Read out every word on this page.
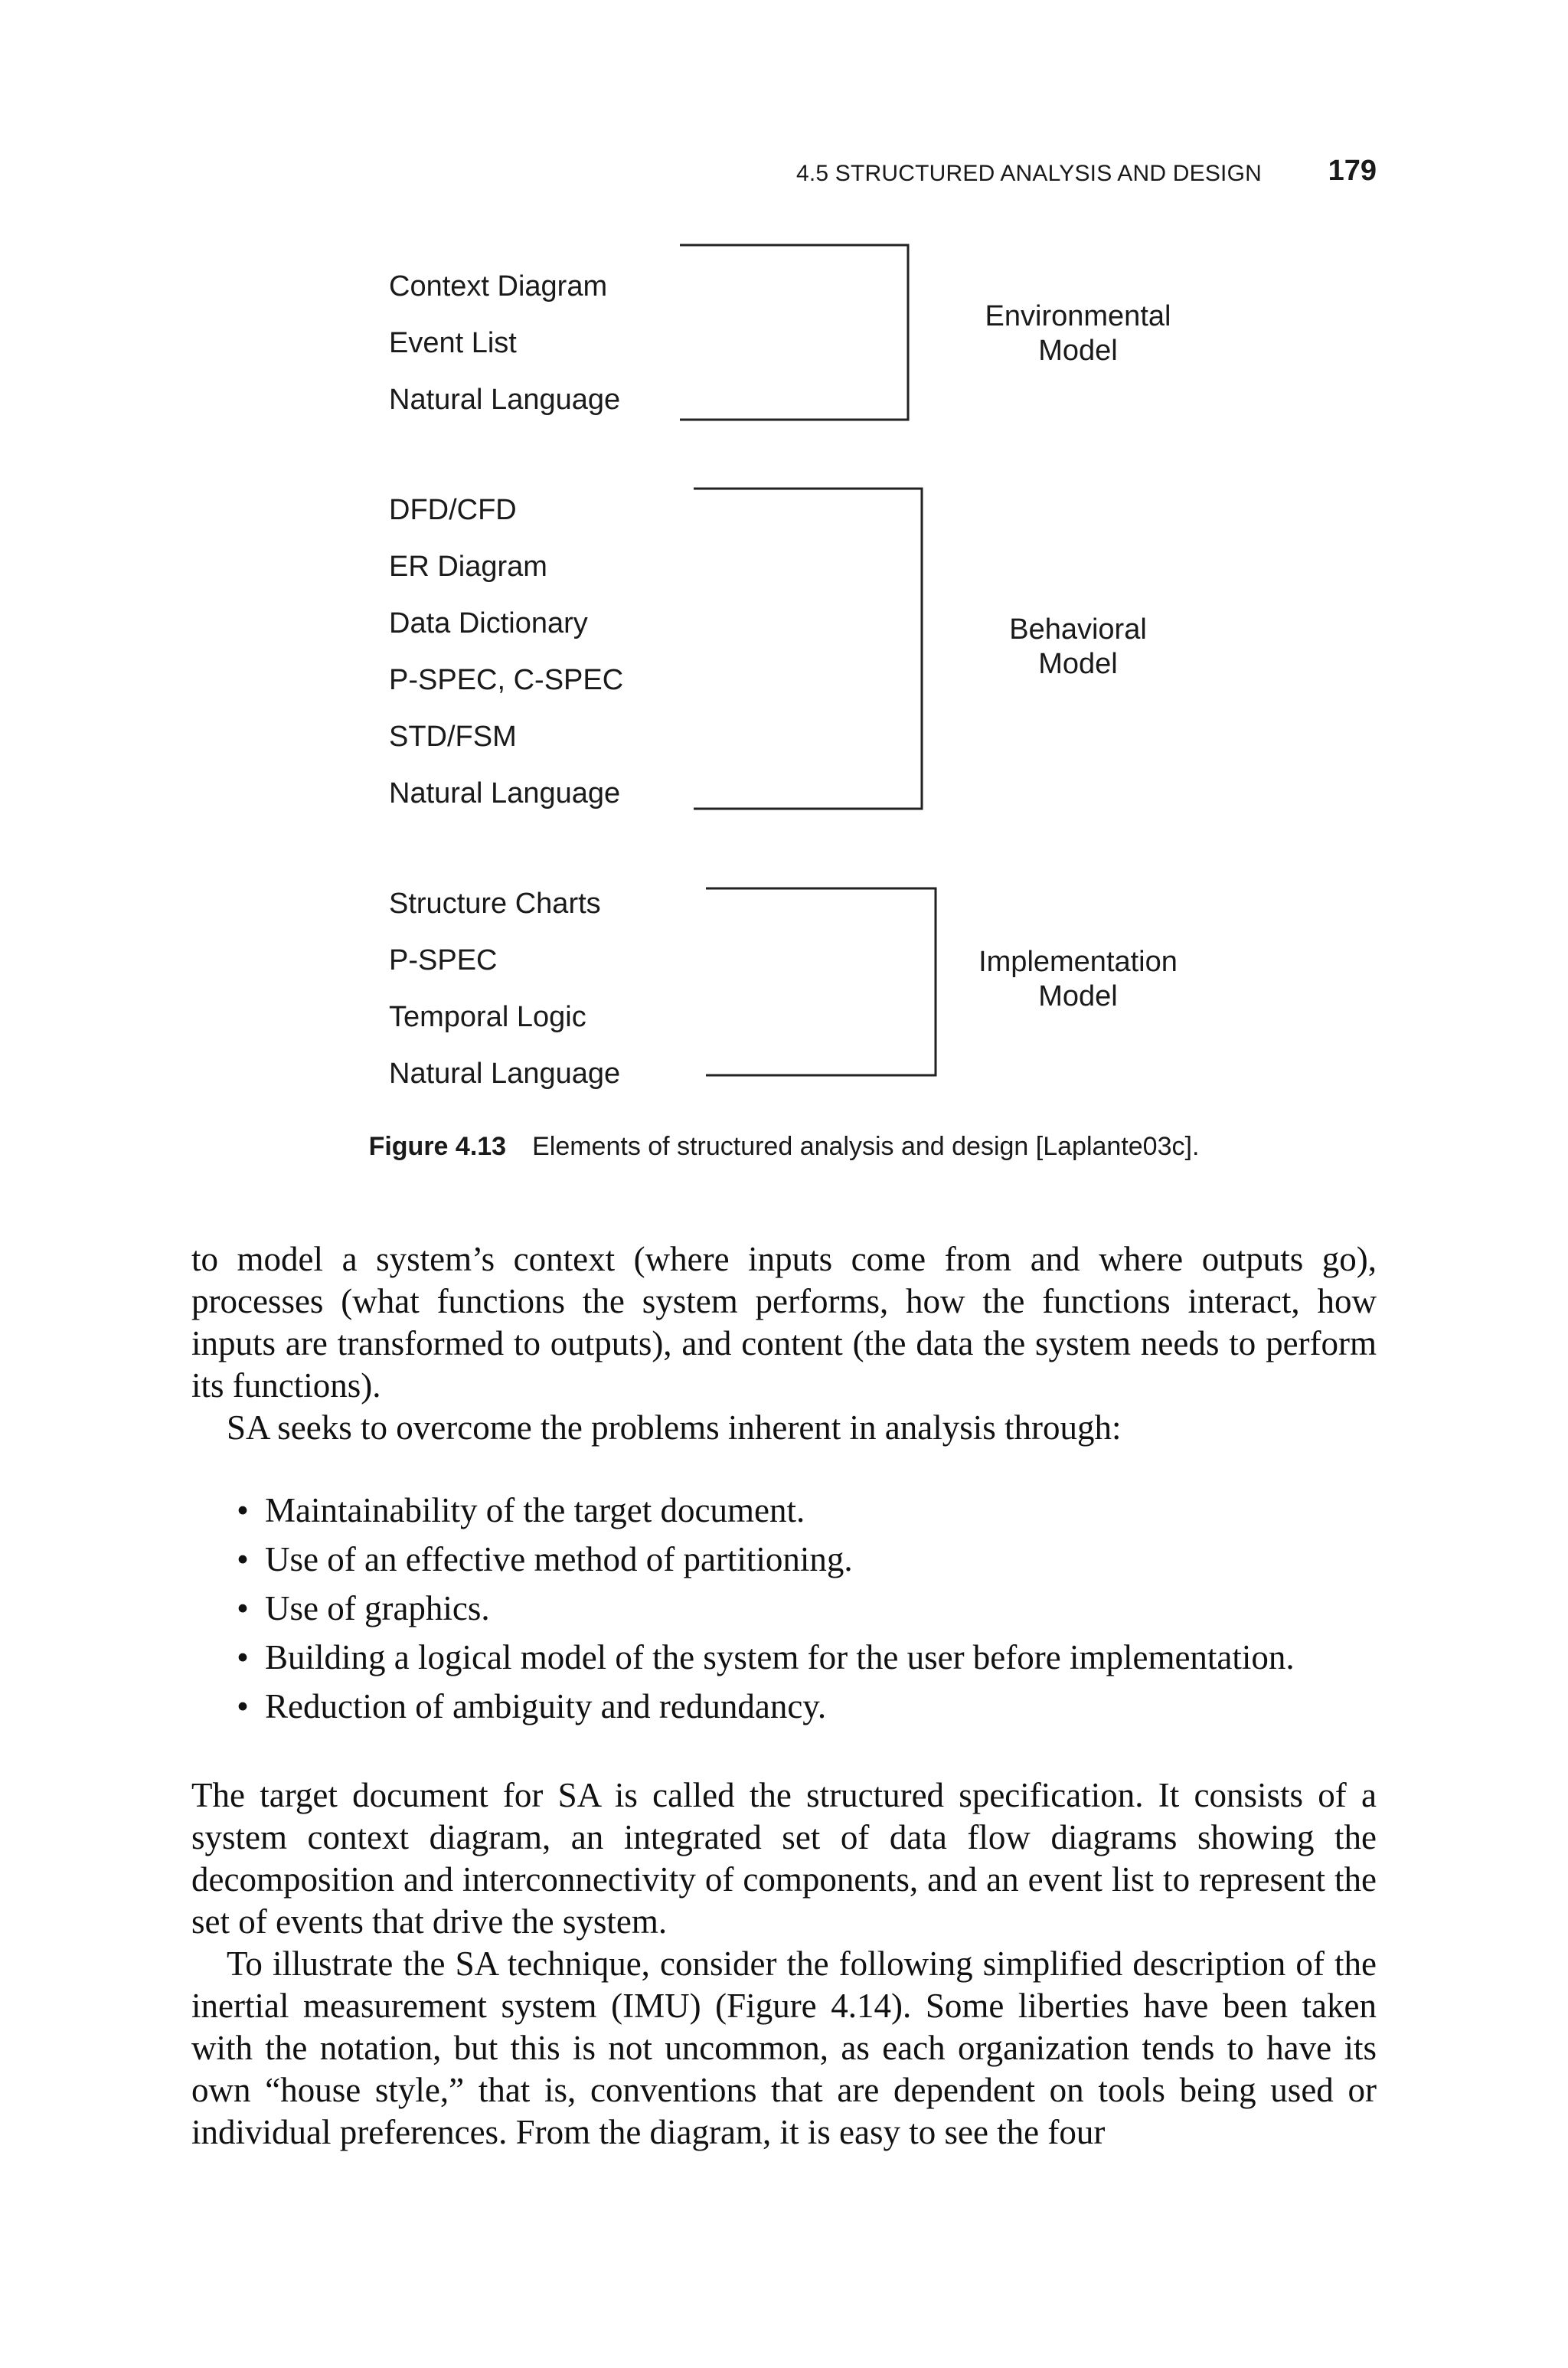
4.5 STRUCTURED ANALYSIS AND DESIGN 179
Context Diagram
Event List
Natural Language
DFD/CFD
ER Diagram
Data Dictionary
P-SPEC, C-SPEC
STD/FSM
Natural Language
Structure Charts
P-SPEC
Temporal Logic
Natural Language
Environmental
Model
Behavioral
Model
Implementation
Model
Figure 4.13 Elements of structured analysis and design [Laplante03c].

to model a system’s context (where inputs come from and where outputs go), processes (what functions the system performs, how the functions interact, how inputs are transformed to outputs), and content (the data the system needs to perform its functions).

SA seeks to overcome the problems inherent in analysis through:

• Maintainability of the target document.
• Use of an effective method of partitioning.
• Use of graphics.
• Building a logical model of the system for the user before implementation.
• Reduction of ambiguity and redundancy.

The target document for SA is called the structured specification. It consists of a system context diagram, an integrated set of data flow diagrams showing the decomposition and interconnectivity of components, and an event list to represent the set of events that drive the system.

To illustrate the SA technique, consider the following simplified description of the inertial measurement system (IMU) (Figure 4.14). Some liberties have been taken with the notation, but this is not uncommon, as each organization tends to have its own “house style,” that is, conventions that are dependent on tools being used or individual preferences. From the diagram, it is easy to see the four
